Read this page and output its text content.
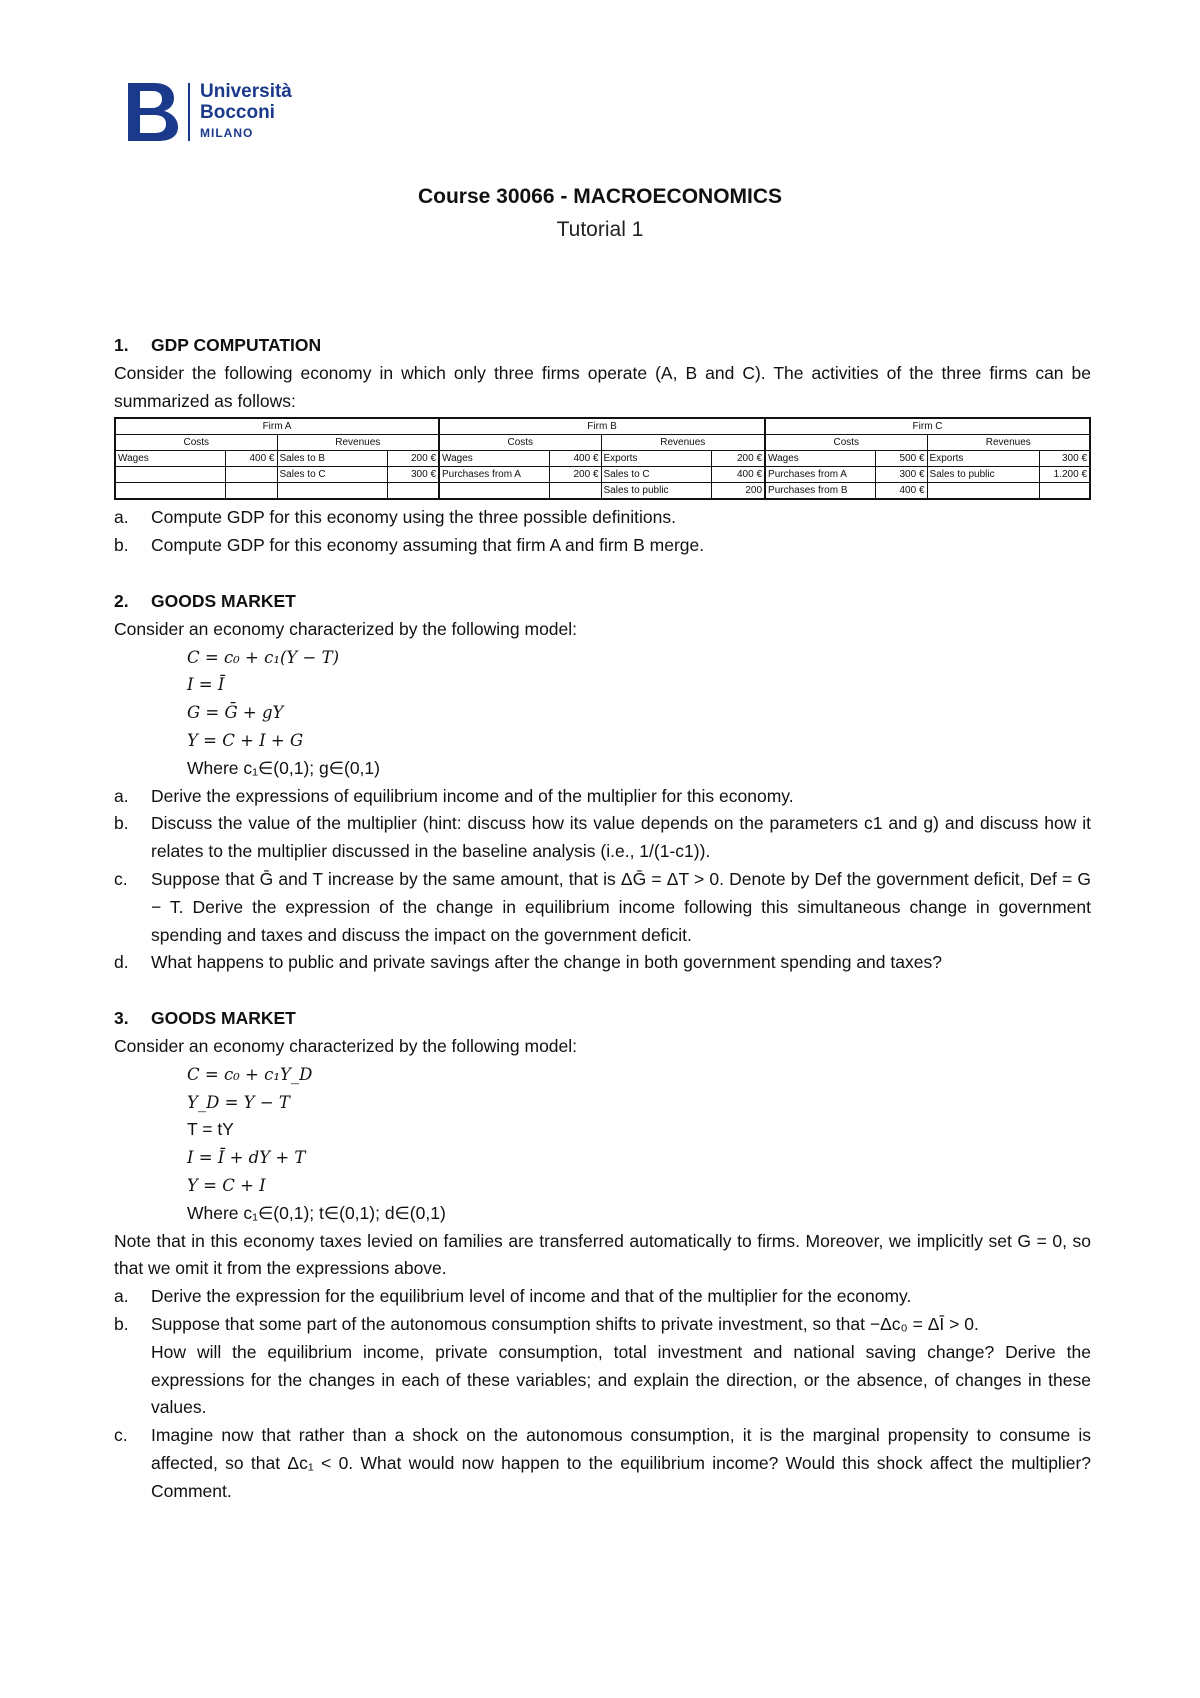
Università
Bocconi
MILANO
Course 30066 - MACROECONOMICS
Tutorial 1
1.	GDP COMPUTATION
Consider the following economy in which only three firms operate (A, B and C). The activities of the three firms can be summarized as follows:
Firm A				Firm B				Firm C			
Costs		Revenues		Costs		Revenues		Costs		Revenues	
Wages	400 €	Sales to B	200 €	Wages	400 €	Exports	200 €	Wages	500 €	Exports	300 €
		Sales to C	300 €	Purchases from A	200 €	Sales to C	400 €	Purchases from A	300 €	Sales to public	1.200 €
						Sales to public	200	Purchases from B	400 €		
a.	Compute GDP for this economy using the three possible definitions.
b.	Compute GDP for this economy assuming that firm A and firm B merge.
2.	GOODS MARKET
Consider an economy characterized by the following model:
C = c₀ + c₁(Y − T)
I = Ī
G = Ḡ + gY
Y = C + I + G
Where c₁∈(0,1); g∈(0,1)
a.	Derive the expressions of equilibrium income and of the multiplier for this economy.
b.	Discuss the value of the multiplier (hint: discuss how its value depends on the parameters c1 and g) and discuss how it relates to the multiplier discussed in the baseline analysis (i.e., 1/(1-c1)).
c.	Suppose that Ḡ and T increase by the same amount, that is ΔḠ = ΔT > 0. Denote by Def the government deficit, Def = G − T. Derive the expression of the change in equilibrium income following this simultaneous change in government spending and taxes and discuss the impact on the government deficit.
d.	What happens to public and private savings after the change in both government spending and taxes?
3.	GOODS MARKET
Consider an economy characterized by the following model:
C = c₀ + c₁Y_D
Y_D = Y − T
T = tY
I = Ī + dY + T
Y = C + I
Where c₁∈(0,1); t∈(0,1); d∈(0,1)
Note that in this economy taxes levied on families are transferred automatically to firms. Moreover, we implicitly set G = 0, so that we omit it from the expressions above.
a.	Derive the expression for the equilibrium level of income and that of the multiplier for the economy.
b.	Suppose that some part of the autonomous consumption shifts to private investment, so that −Δc₀ = ΔĪ > 0.
How will the equilibrium income, private consumption, total investment and national saving change? Derive the expressions for the changes in each of these variables; and explain the direction, or the absence, of changes in these values.
c.	Imagine now that rather than a shock on the autonomous consumption, it is the marginal propensity to consume is affected, so that Δc₁ < 0. What would now happen to the equilibrium income? Would this shock affect the multiplier? Comment.
